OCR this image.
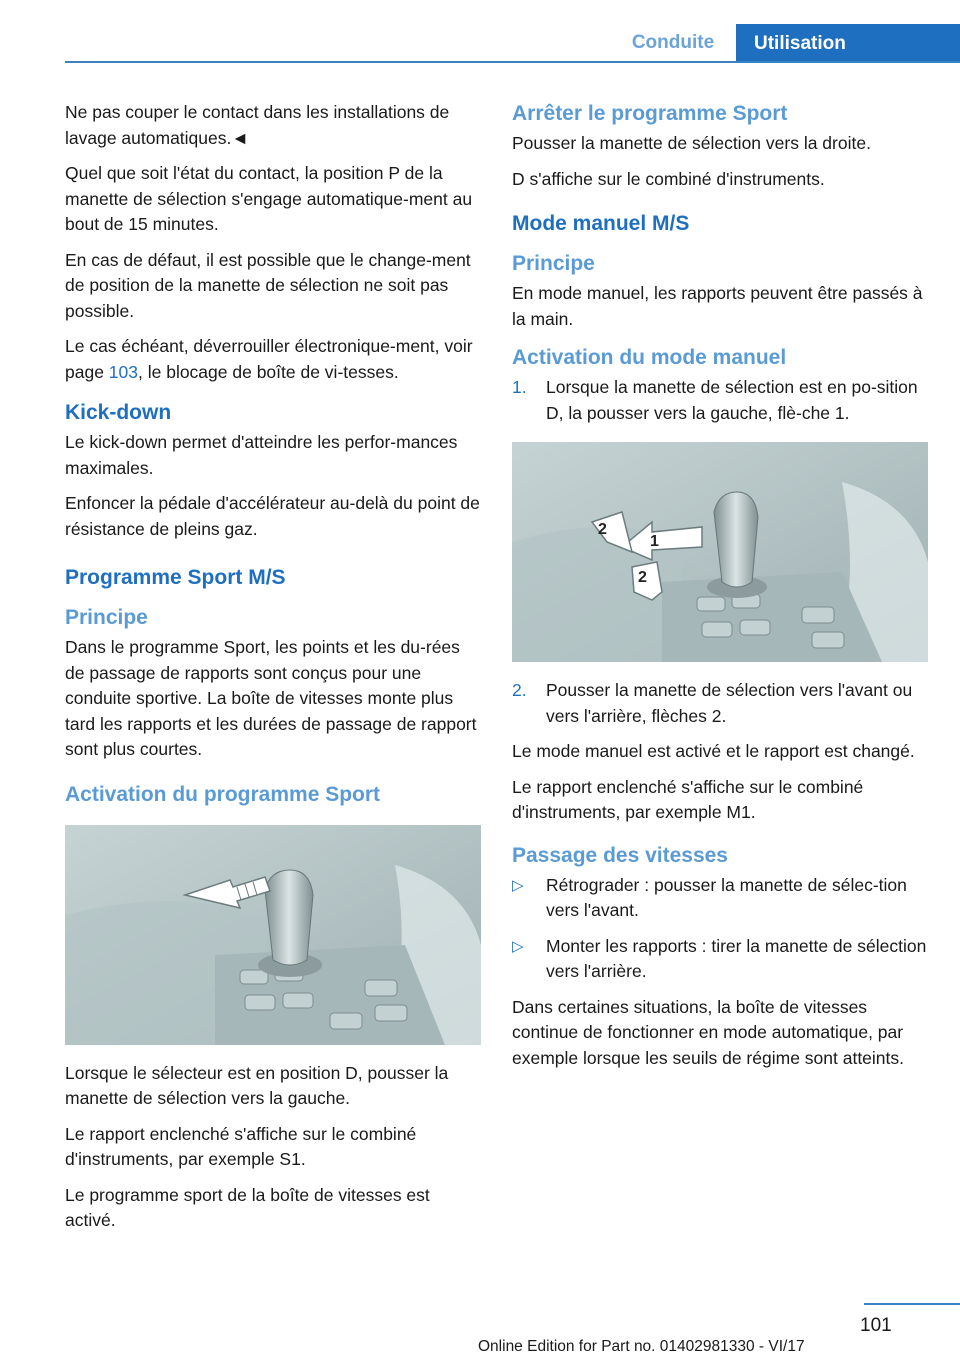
Conduite	Utilisation

Ne pas couper le contact dans les installations de lavage automatiques.◄

Quel que soit l'état du contact, la position P de la manette de sélection s'engage automatique‐ment au bout de 15 minutes.

En cas de défaut, il est possible que le change‐ment de position de la manette de sélection ne soit pas possible.

Le cas échéant, déverrouiller électronique‐ment, voir page 103, le blocage de boîte de vi‐tesses.

Kick-down

Le kick-down permet d'atteindre les perfor‐mances maximales.

Enfoncer la pédale d'accélérateur au-delà du point de résistance de pleins gaz.

Programme Sport M/S
Principe

Dans le programme Sport, les points et les du‐rées de passage de rapports sont conçus pour une conduite sportive. La boîte de vitesses monte plus tard les rapports et les durées de passage de rapport sont plus courtes.

Activation du programme Sport

Lorsque le sélecteur est en position D, pousser la manette de sélection vers la gauche.

Le rapport enclenché s'affiche sur le combiné d'instruments, par exemple S1.

Le programme sport de la boîte de vitesses est activé.

Arrêter le programme Sport

Pousser la manette de sélection vers la droite.

D s'affiche sur le combiné d'instruments.

Mode manuel M/S
Principe

En mode manuel, les rapports peuvent être passés à la main.

Activation du mode manuel
1. Lorsque la manette de sélection est en po‐sition D, la pousser vers la gauche, flè‐che 1.
1
2
2
2. Pousser la manette de sélection vers l'avant ou vers l'arrière, flèches 2.

Le mode manuel est activé et le rapport est changé.

Le rapport enclenché s'affiche sur le combiné d'instruments, par exemple M1.

Passage des vitesses
▷ Rétrograder : pousser la manette de sélec‐tion vers l'avant.
▷ Monter les rapports : tirer la manette de sélection vers l'arrière.

Dans certaines situations, la boîte de vitesses continue de fonctionner en mode automatique, par exemple lorsque les seuils de régime sont atteints.

101
Online Edition for Part no. 01402981330 - VI/17
